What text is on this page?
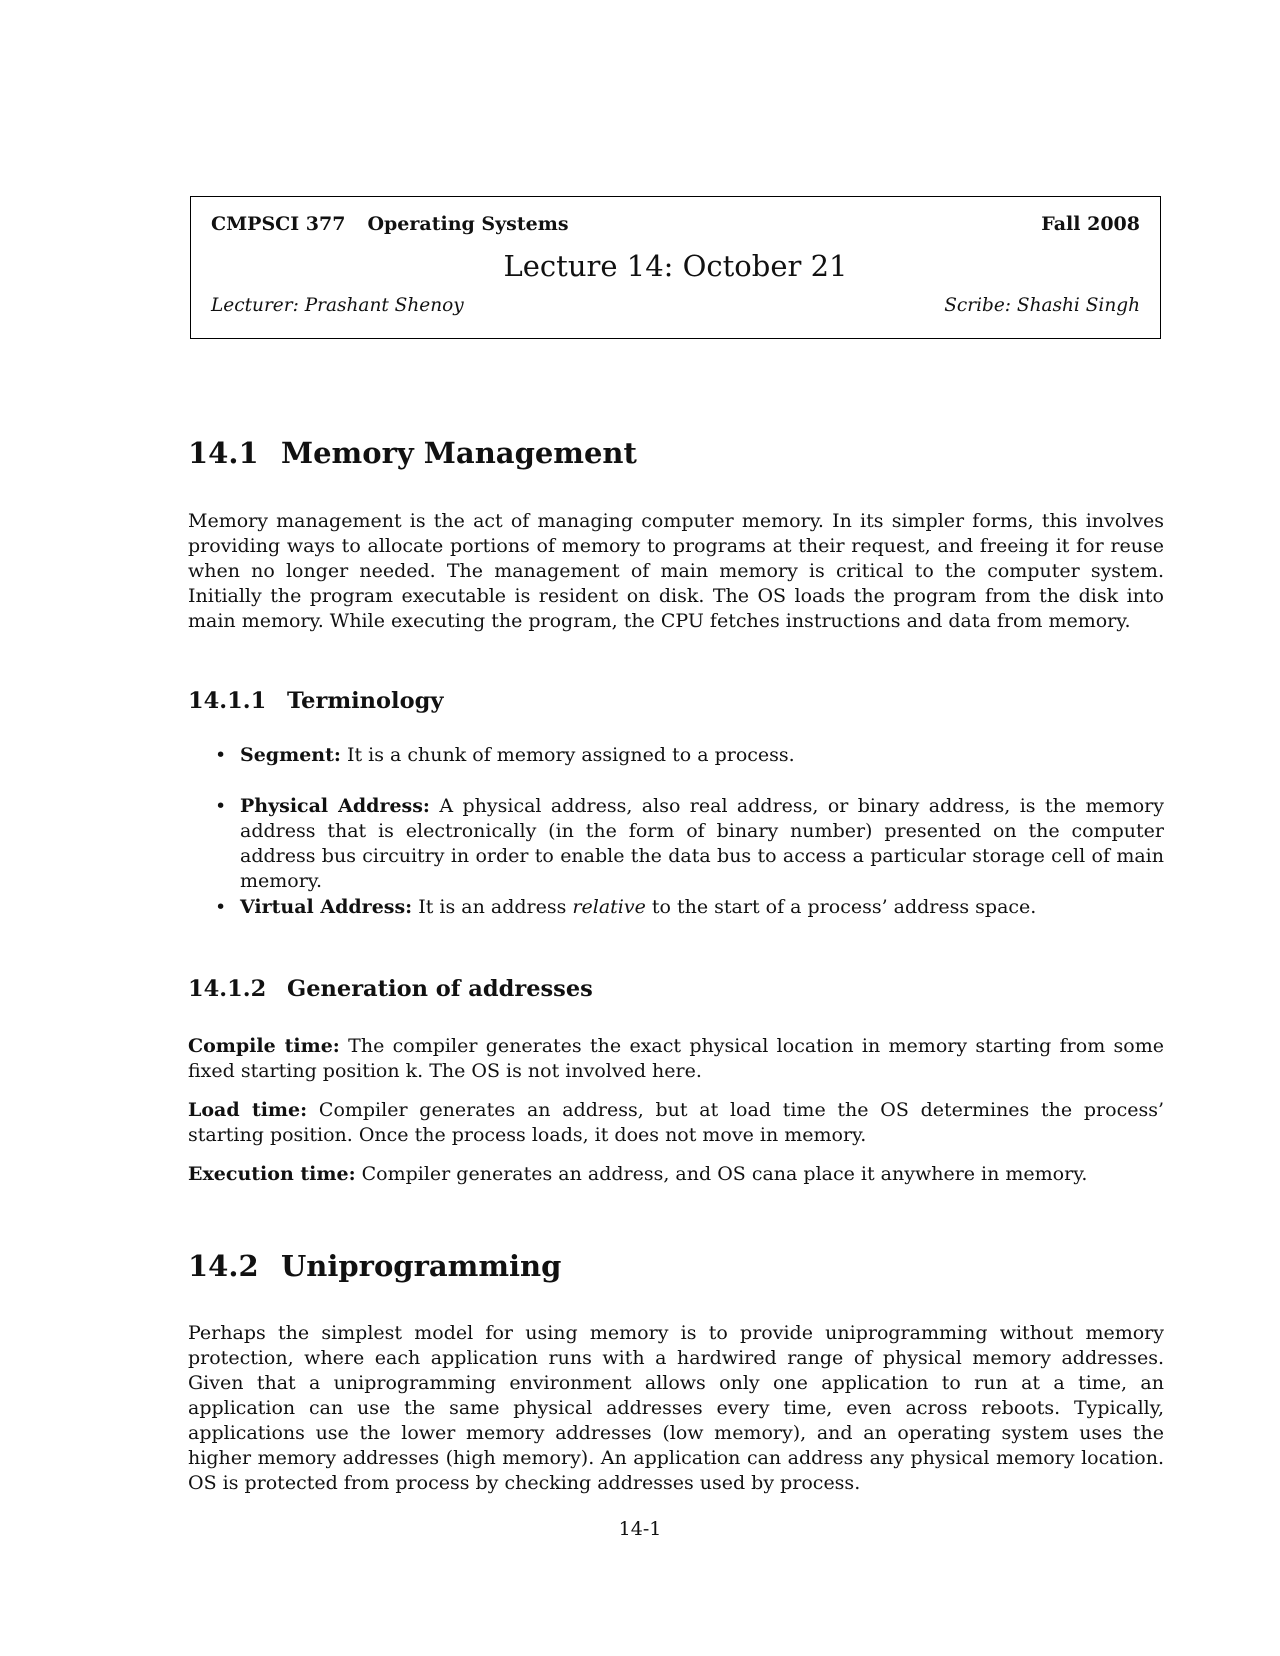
CMPSCI 377 Operating Systems	Fall 2008
Lecture 14: October 21
Lecturer: Prashant Shenoy	Scribe: Shashi Singh
14.1 Memory Management

Memory management is the act of managing computer memory. In its simpler forms, this involves providing ways to allocate portions of memory to programs at their request, and freeing it for reuse when no longer needed. The management of main memory is critical to the computer system. Initially the program executable is resident on disk. The OS loads the program from the disk into main memory. While executing the program, the CPU fetches instructions and data from memory.

14.1.1 Terminology
• Segment: It is a chunk of memory assigned to a process.
• Physical Address: A physical address, also real address, or binary address, is the memory address that is electronically (in the form of binary number) presented on the computer address bus circuitry in order to enable the data bus to access a particular storage cell of main memory.
• Virtual Address: It is an address relative to the start of a process’ address space.
14.1.2 Generation of addresses

Compile time: The compiler generates the exact physical location in memory starting from some fixed starting position k. The OS is not involved here.

Load time: Compiler generates an address, but at load time the OS determines the process’ starting position. Once the process loads, it does not move in memory.

Execution time: Compiler generates an address, and OS cana place it anywhere in memory.

14.2 Uniprogramming

Perhaps the simplest model for using memory is to provide uniprogramming without memory protection, where each application runs with a hardwired range of physical memory addresses. Given that a uniprogramming environment allows only one application to run at a time, an application can use the same physical addresses every time, even across reboots. Typically, applications use the lower memory addresses (low memory), and an operating system uses the higher memory addresses (high memory). An application can address any physical memory location. OS is protected from process by checking addresses used by process.

14-1
